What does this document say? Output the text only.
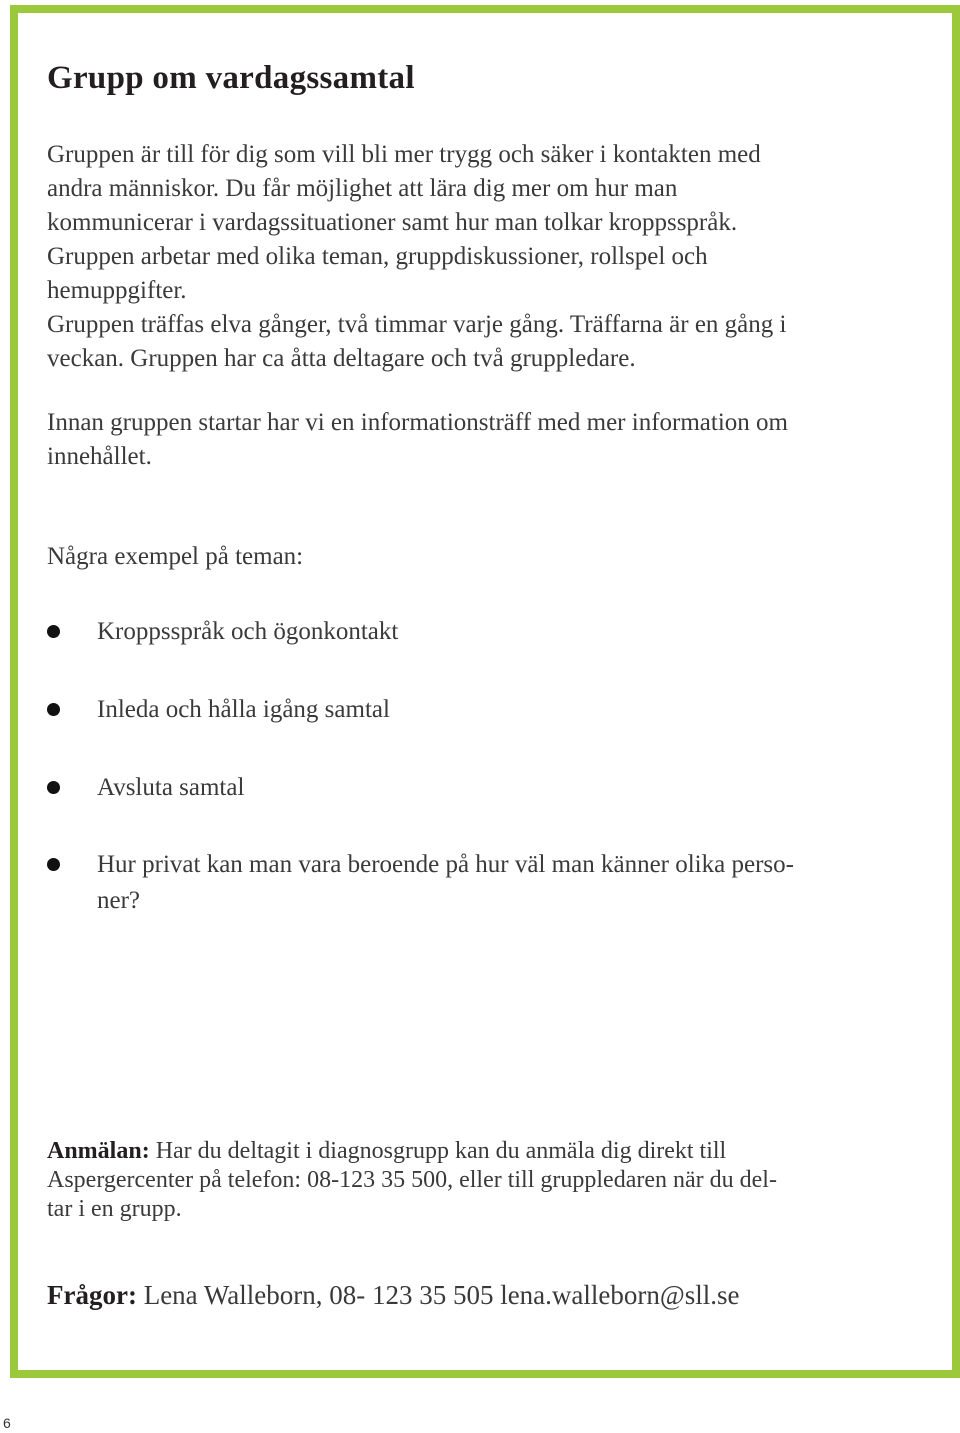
Grupp om vardagssamtal

Gruppen är till för dig som vill bli mer trygg och säker i kontakten med
andra människor. Du får möjlighet att lära dig mer om hur man
kommunicerar i vardagssituationer samt hur man tolkar kroppsspråk.
Gruppen arbetar med olika teman, gruppdiskussioner, rollspel och
hemuppgifter.
Gruppen träffas elva gånger, två timmar varje gång. Träffarna är en gång i
veckan. Gruppen har ca åtta deltagare och två gruppledare.

Innan gruppen startar har vi en informationsträff med mer information om
innehållet.

Några exempel på teman:

Kroppsspråk och ögonkontakt
Inleda och hålla igång samtal
Avsluta samtal
Hur privat kan man vara beroende på hur väl man känner olika perso-
ner?
Anmälan: Har du deltagit i diagnosgrupp kan du anmäla dig direkt till
Aspergercenter på telefon: 08-123 35 500, eller till gruppledaren när du del-
tar i en grupp.
Frågor: Lena Walleborn, 08- 123 35 505 lena.walleborn@sll.se
6
